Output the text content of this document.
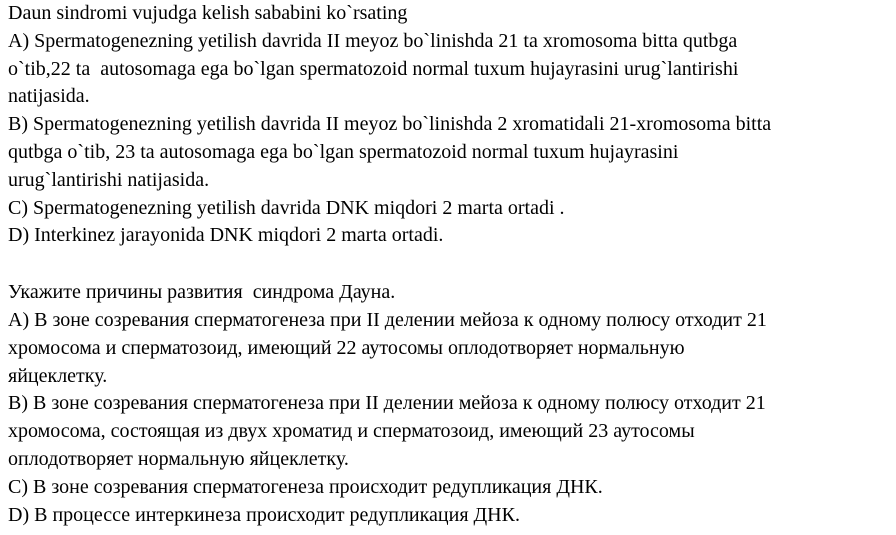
Daun sindromi vujudga kelish sababini ko`rsating
A) Spermatogenezning yetilish davrida II meyoz bo`linishda 21 ta xromosoma bitta qutbga
o`tib,22 ta  autosomaga ega bo`lgan spermatozoid normal tuxum hujayrasini urug`lantirishi
natijasida.
B) Spermatogenezning yetilish davrida II meyoz bo`linishda 2 xromatidali 21-xromosoma bitta
qutbga o`tib, 23 ta autosomaga ega bo`lgan spermatozoid normal tuxum hujayrasini
urug`lantirishi natijasida.
C) Spermatogenezning yetilish davrida DNK miqdori 2 marta ortadi .
D) Interkinez jarayonida DNK miqdori 2 marta ortadi.
Укажите причины развития  синдрома Дауна.
A) В зоне созревания сперматогенеза при II делении мейоза к одному полюсу отходит 21
хромосома и сперматозоид, имеющий 22 аутосомы оплодотворяет нормальную
яйцеклетку.
B) В зоне созревания сперматогенеза при II делении мейоза к одному полюсу отходит 21
хромосома, состоящая из двух хроматид и сперматозоид, имеющий 23 аутосомы
оплодотворяет нормальную яйцеклетку.
C) В зоне созревания сперматогенеза происходит редупликация ДНК.
D) В процессе интеркинеза происходит редупликация ДНК.
